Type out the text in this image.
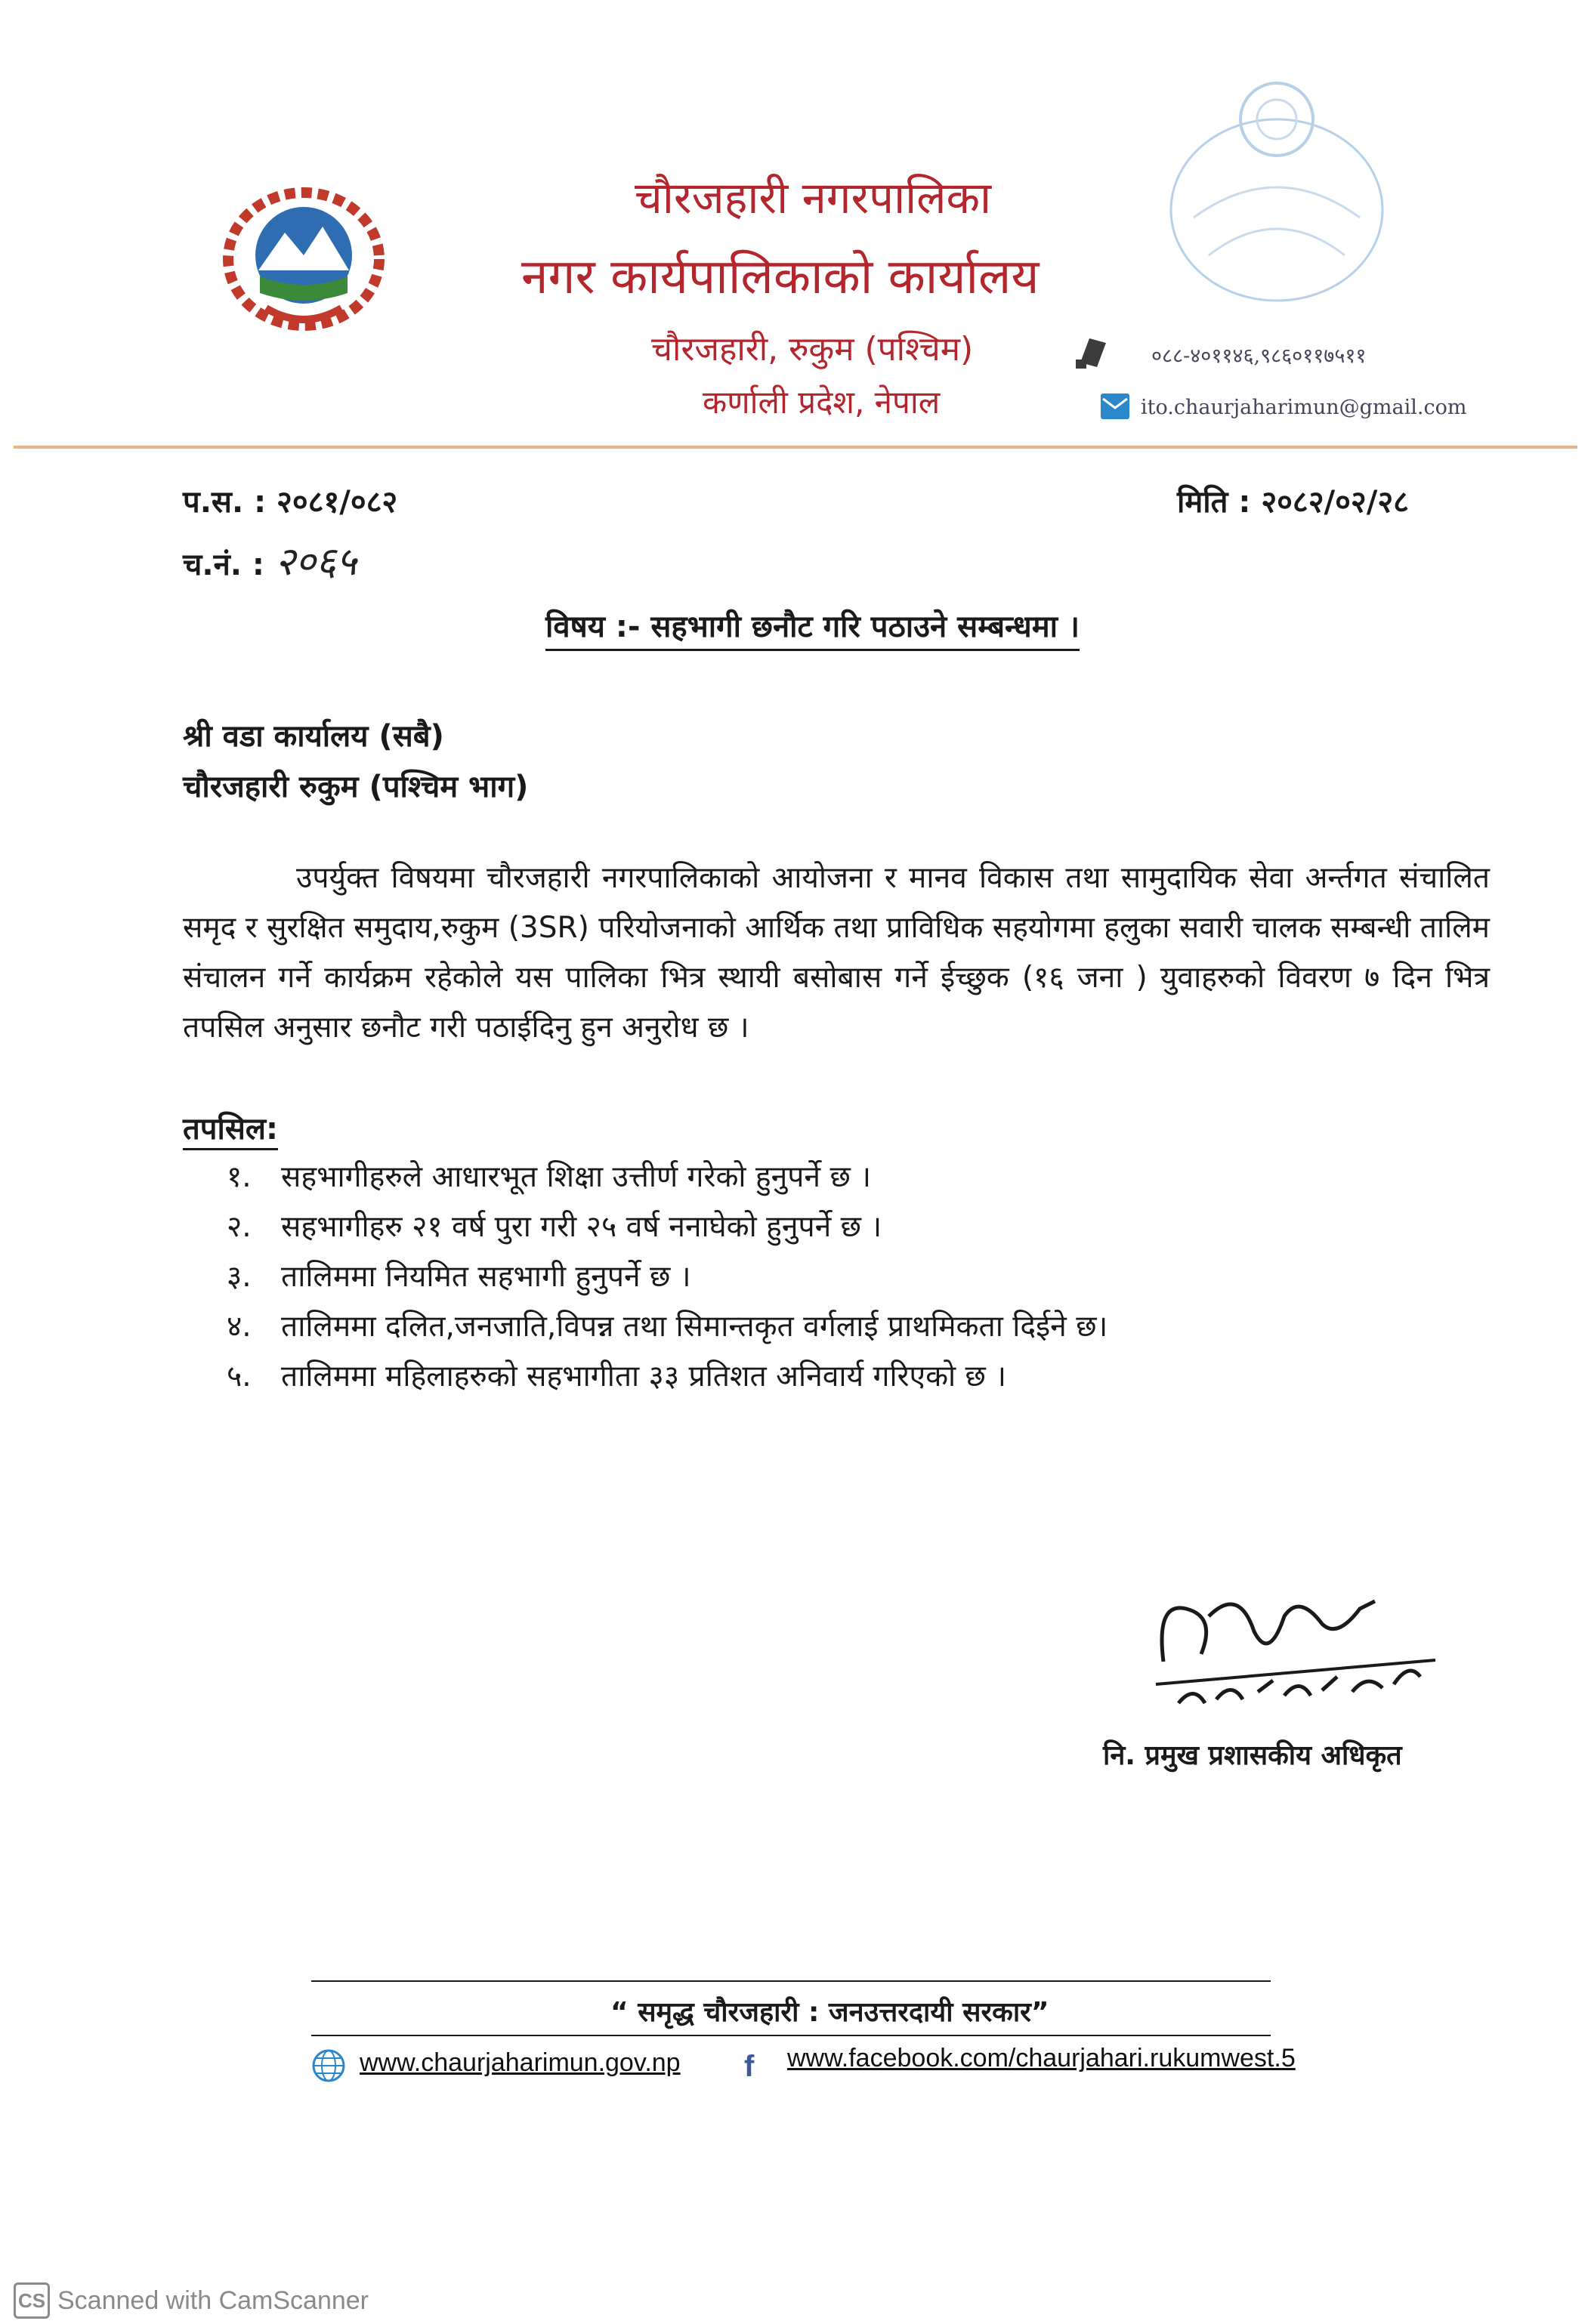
चौरजहारी नगरपालिका
नगर कार्यपालिकाको कार्यालय
चौरजहारी, रुकुम (पश्चिम)
कर्णाली प्रदेश, नेपाल
०८८-४०११४६,९८६०११७५११
ito.chaurjaharimun@gmail.com
प.स. : २०८१/०८२
च.नं. : २०६५
मिति : २०८२/०२/२८
विषय :- सहभागी छनौट गरि पठाउने सम्बन्धमा ।
श्री वडा कार्यालय (सबै)
चौरजहारी रुकुम (पश्चिम भाग)
उपर्युक्त विषयमा चौरजहारी नगरपालिकाको आयोजना र मानव विकास तथा सामुदायिक सेवा अर्न्तगत संचालित समृद र सुरक्षित समुदाय,रुकुम (3SR) परियोजनाको आर्थिक तथा प्राविधिक सहयोगमा हलुका सवारी चालक सम्बन्धी तालिम संचालन गर्ने कार्यक्रम रहेकोले यस पालिका भित्र स्थायी बसोबास गर्ने ईच्छुक (१६ जना ) युवाहरुको विवरण ७ दिन भित्र तपसिल अनुसार छनौट गरी पठाईदिनु हुन अनुरोध छ ।
तपसिल:
१.	सहभागीहरुले आधारभूत शिक्षा उत्तीर्ण गरेको हुनुपर्ने छ ।
२.	सहभागीहरु २१ वर्ष पुरा गरी २५ वर्ष ननाघेको हुनुपर्ने छ ।
३.	तालिममा नियमित सहभागी हुनुपर्ने छ ।
४.	तालिममा दलित,जनजाति,विपन्न तथा सिमान्तकृत वर्गलाई प्राथमिकता दिईने छ।
५.	तालिममा महिलाहरुको सहभागीता ३३ प्रतिशत अनिवार्य गरिएको छ ।
नि. प्रमुख प्रशासकीय अधिकृत
“ समृद्ध चौरजहारी : जनउत्तरदायी सरकार”
www.chaurjaharimun.gov.np f www.facebook.com/chaurjahari.rukumwest.5
CS Scanned with CamScanner
